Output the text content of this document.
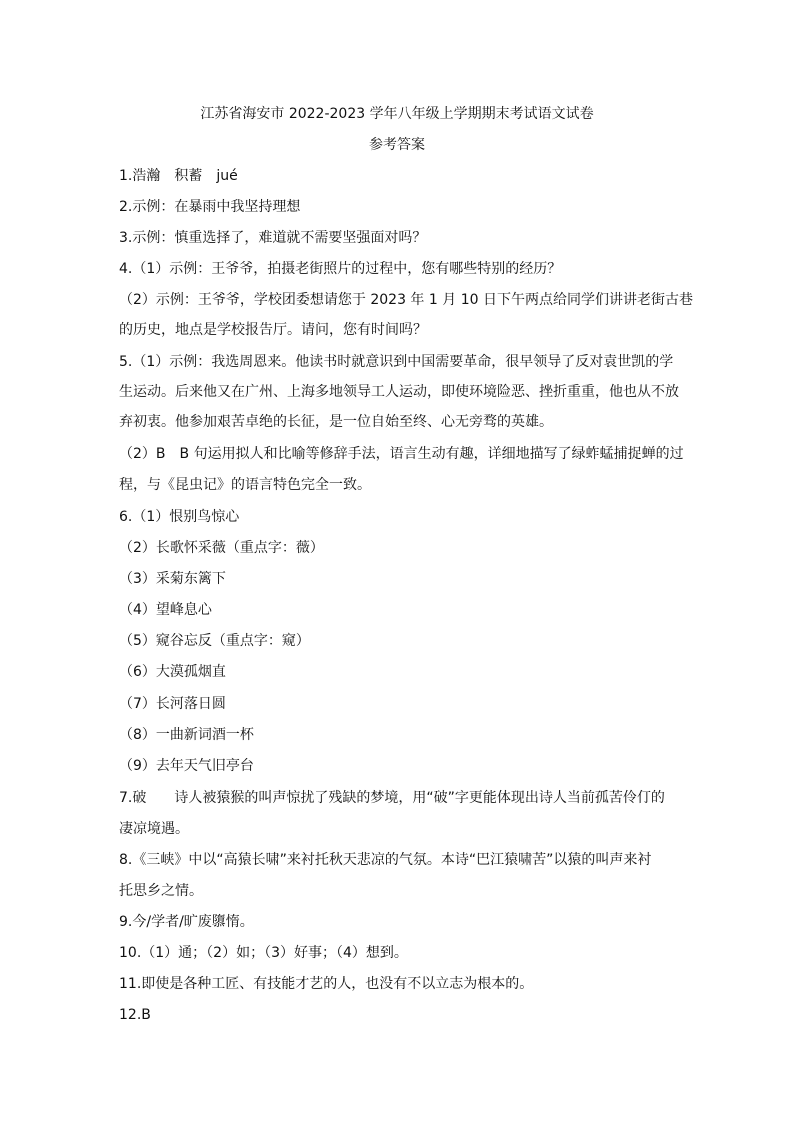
江苏省海安市 2022-2023 学年八年级上学期期末考试语文试卷
参考答案
1.浩瀚　积蓄　jué
2.示例：在暴雨中我坚持理想
3.示例：慎重选择了，难道就不需要坚强面对吗？
4.（1）示例：王爷爷，拍摄老街照片的过程中，您有哪些特别的经历？
（2）示例：王爷爷，学校团委想请您于 2023 年 1 月 10 日下午两点给同学们讲讲老街古巷
的历史，地点是学校报告厅。请问，您有时间吗？
5.（1）示例：我选周恩来。他读书时就意识到中国需要革命，很早领导了反对袁世凯的学
生运动。后来他又在广州、上海多地领导工人运动，即使环境险恶、挫折重重，他也从不放
弃初衷。他参加艰苦卓绝的长征，是一位自始至终、心无旁骛的英雄。
（2）B　B 句运用拟人和比喻等修辞手法，语言生动有趣，详细地描写了绿蚱蜢捕捉蝉的过
程，与《昆虫记》的语言特色完全一致。
6.（1）恨别鸟惊心
（2）长歌怀采薇（重点字：薇）
（3）采菊东篱下
（4）望峰息心
（5）窥谷忘反（重点字：窥）
（6）大漠孤烟直
（7）长河落日圆
（8）一曲新词酒一杯
（9）去年天气旧亭台
7.破　　诗人被猿猴的叫声惊扰了残缺的梦境，用“破”字更能体现出诗人当前孤苦伶仃的
凄凉境遇。
8.《三峡》中以“高猿长啸”来衬托秋天悲凉的气氛。本诗“巴江猿啸苦”以猿的叫声来衬
托思乡之情。
9.今/学者/旷废隳惰。
10.（1）通；（2）如；（3）好事；（4）想到。
11.即使是各种工匠、有技能才艺的人，也没有不以立志为根本的。
12.B
